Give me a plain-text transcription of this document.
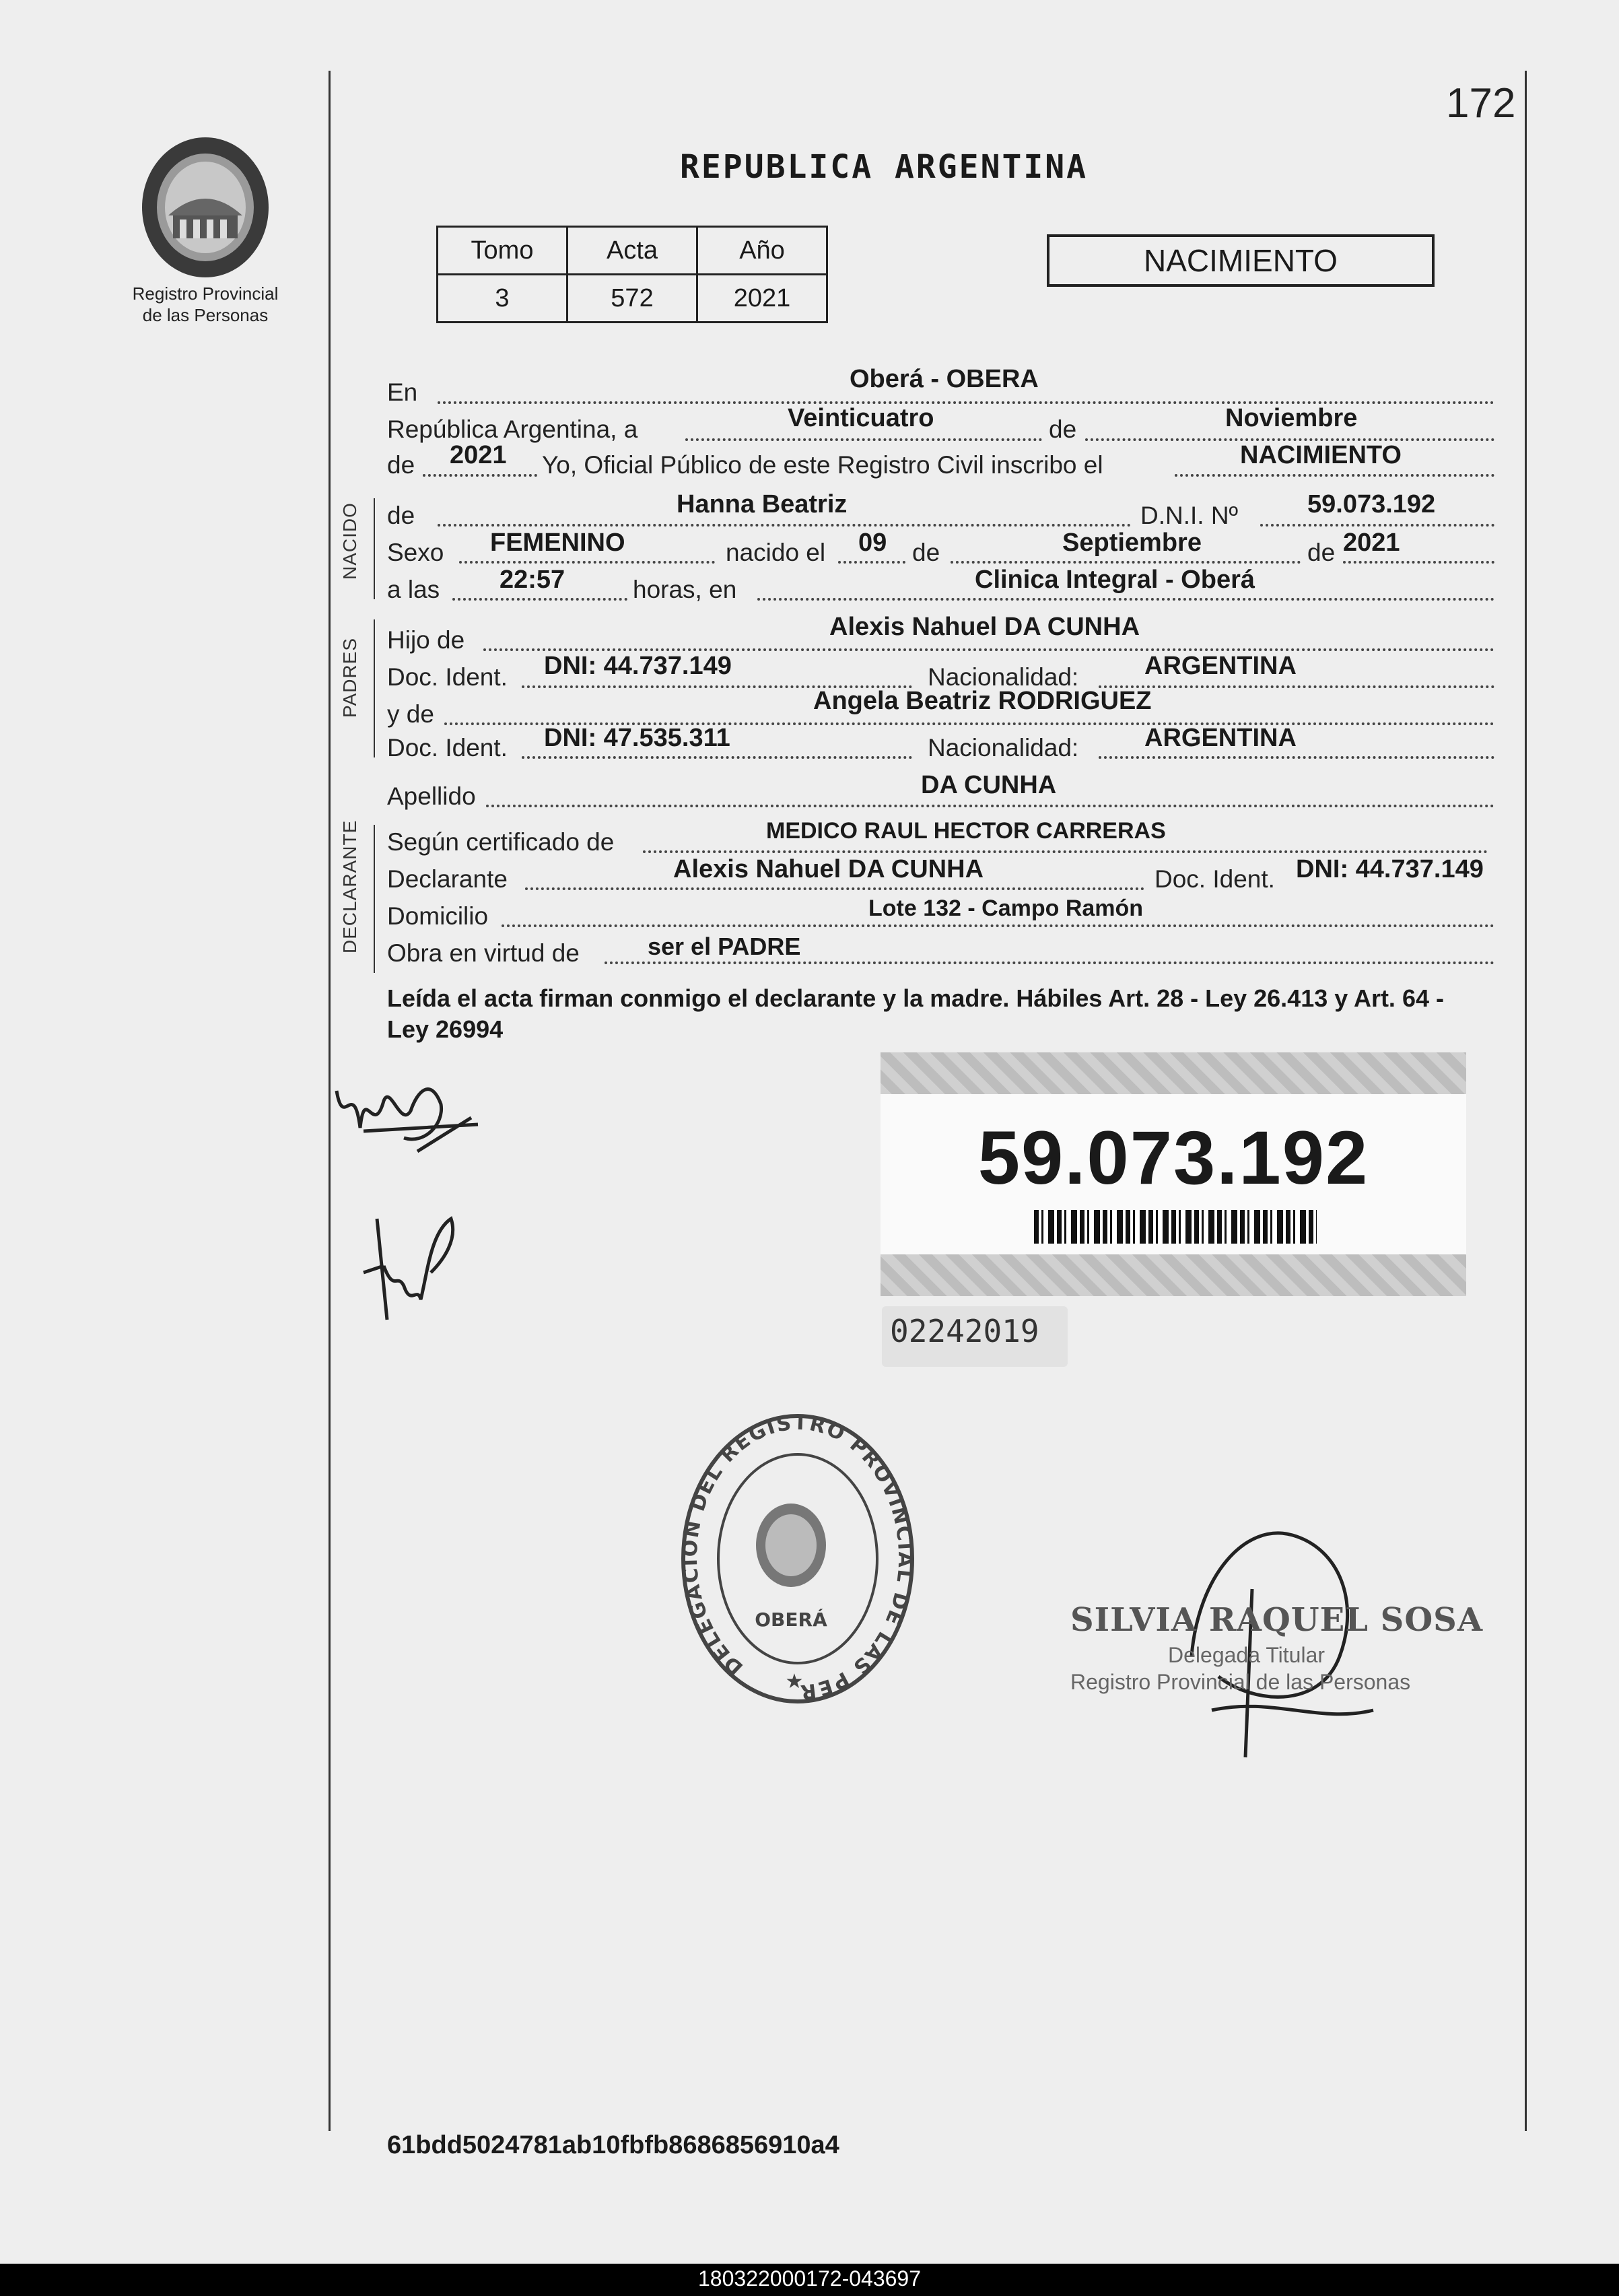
172
Registro Provincial
de las Personas
REPUBLICA ARGENTINA
Tomo	Acta	Año
3	572	2021
NACIMIENTO
En	Oberá - OBERA
República Argentina, a	Veinticuatro	de	Noviembre
de 2021 Yo, Oficial Público de este Registro Civil inscribo el	NACIMIENTO
NACIDO de	Hanna Beatriz	D.N.I. Nº	59.073.192
Sexo FEMENINO	nacido el 09 de	Septiembre	de 2021
a las 22:57	horas, en	Clinica Integral - Oberá
PADRES Hijo de	Alexis Nahuel DA CUNHA
Doc. Ident. DNI: 44.737.149	Nacionalidad:	ARGENTINA
y de	Angela Beatriz RODRIGUEZ
Doc. Ident. DNI: 47.535.311	Nacionalidad:	ARGENTINA
Apellido	DA CUNHA
DECLARANTE Según certificado de	MEDICO RAUL HECTOR CARRERAS
Declarante	Alexis Nahuel DA CUNHA	Doc. Ident. DNI: 44.737.149
Domicilio	Lote 132 - Campo Ramón
Obra en virtud de	ser el PADRE
Leída el acta firman conmigo el declarante y la madre. Hábiles Art. 28 - Ley 26.413 y Art. 64 - Ley 26994
59.073.192
02242019
DELEGACION DEL REGISTRO PROVINCIAL DE LAS PER
OBERÁ
★
SILVIA RAQUEL SOSA
Delegada Titular
Registro Provincial de las Personas
61bdd5024781ab10fbfb8686856910a4
180322000172-043697
